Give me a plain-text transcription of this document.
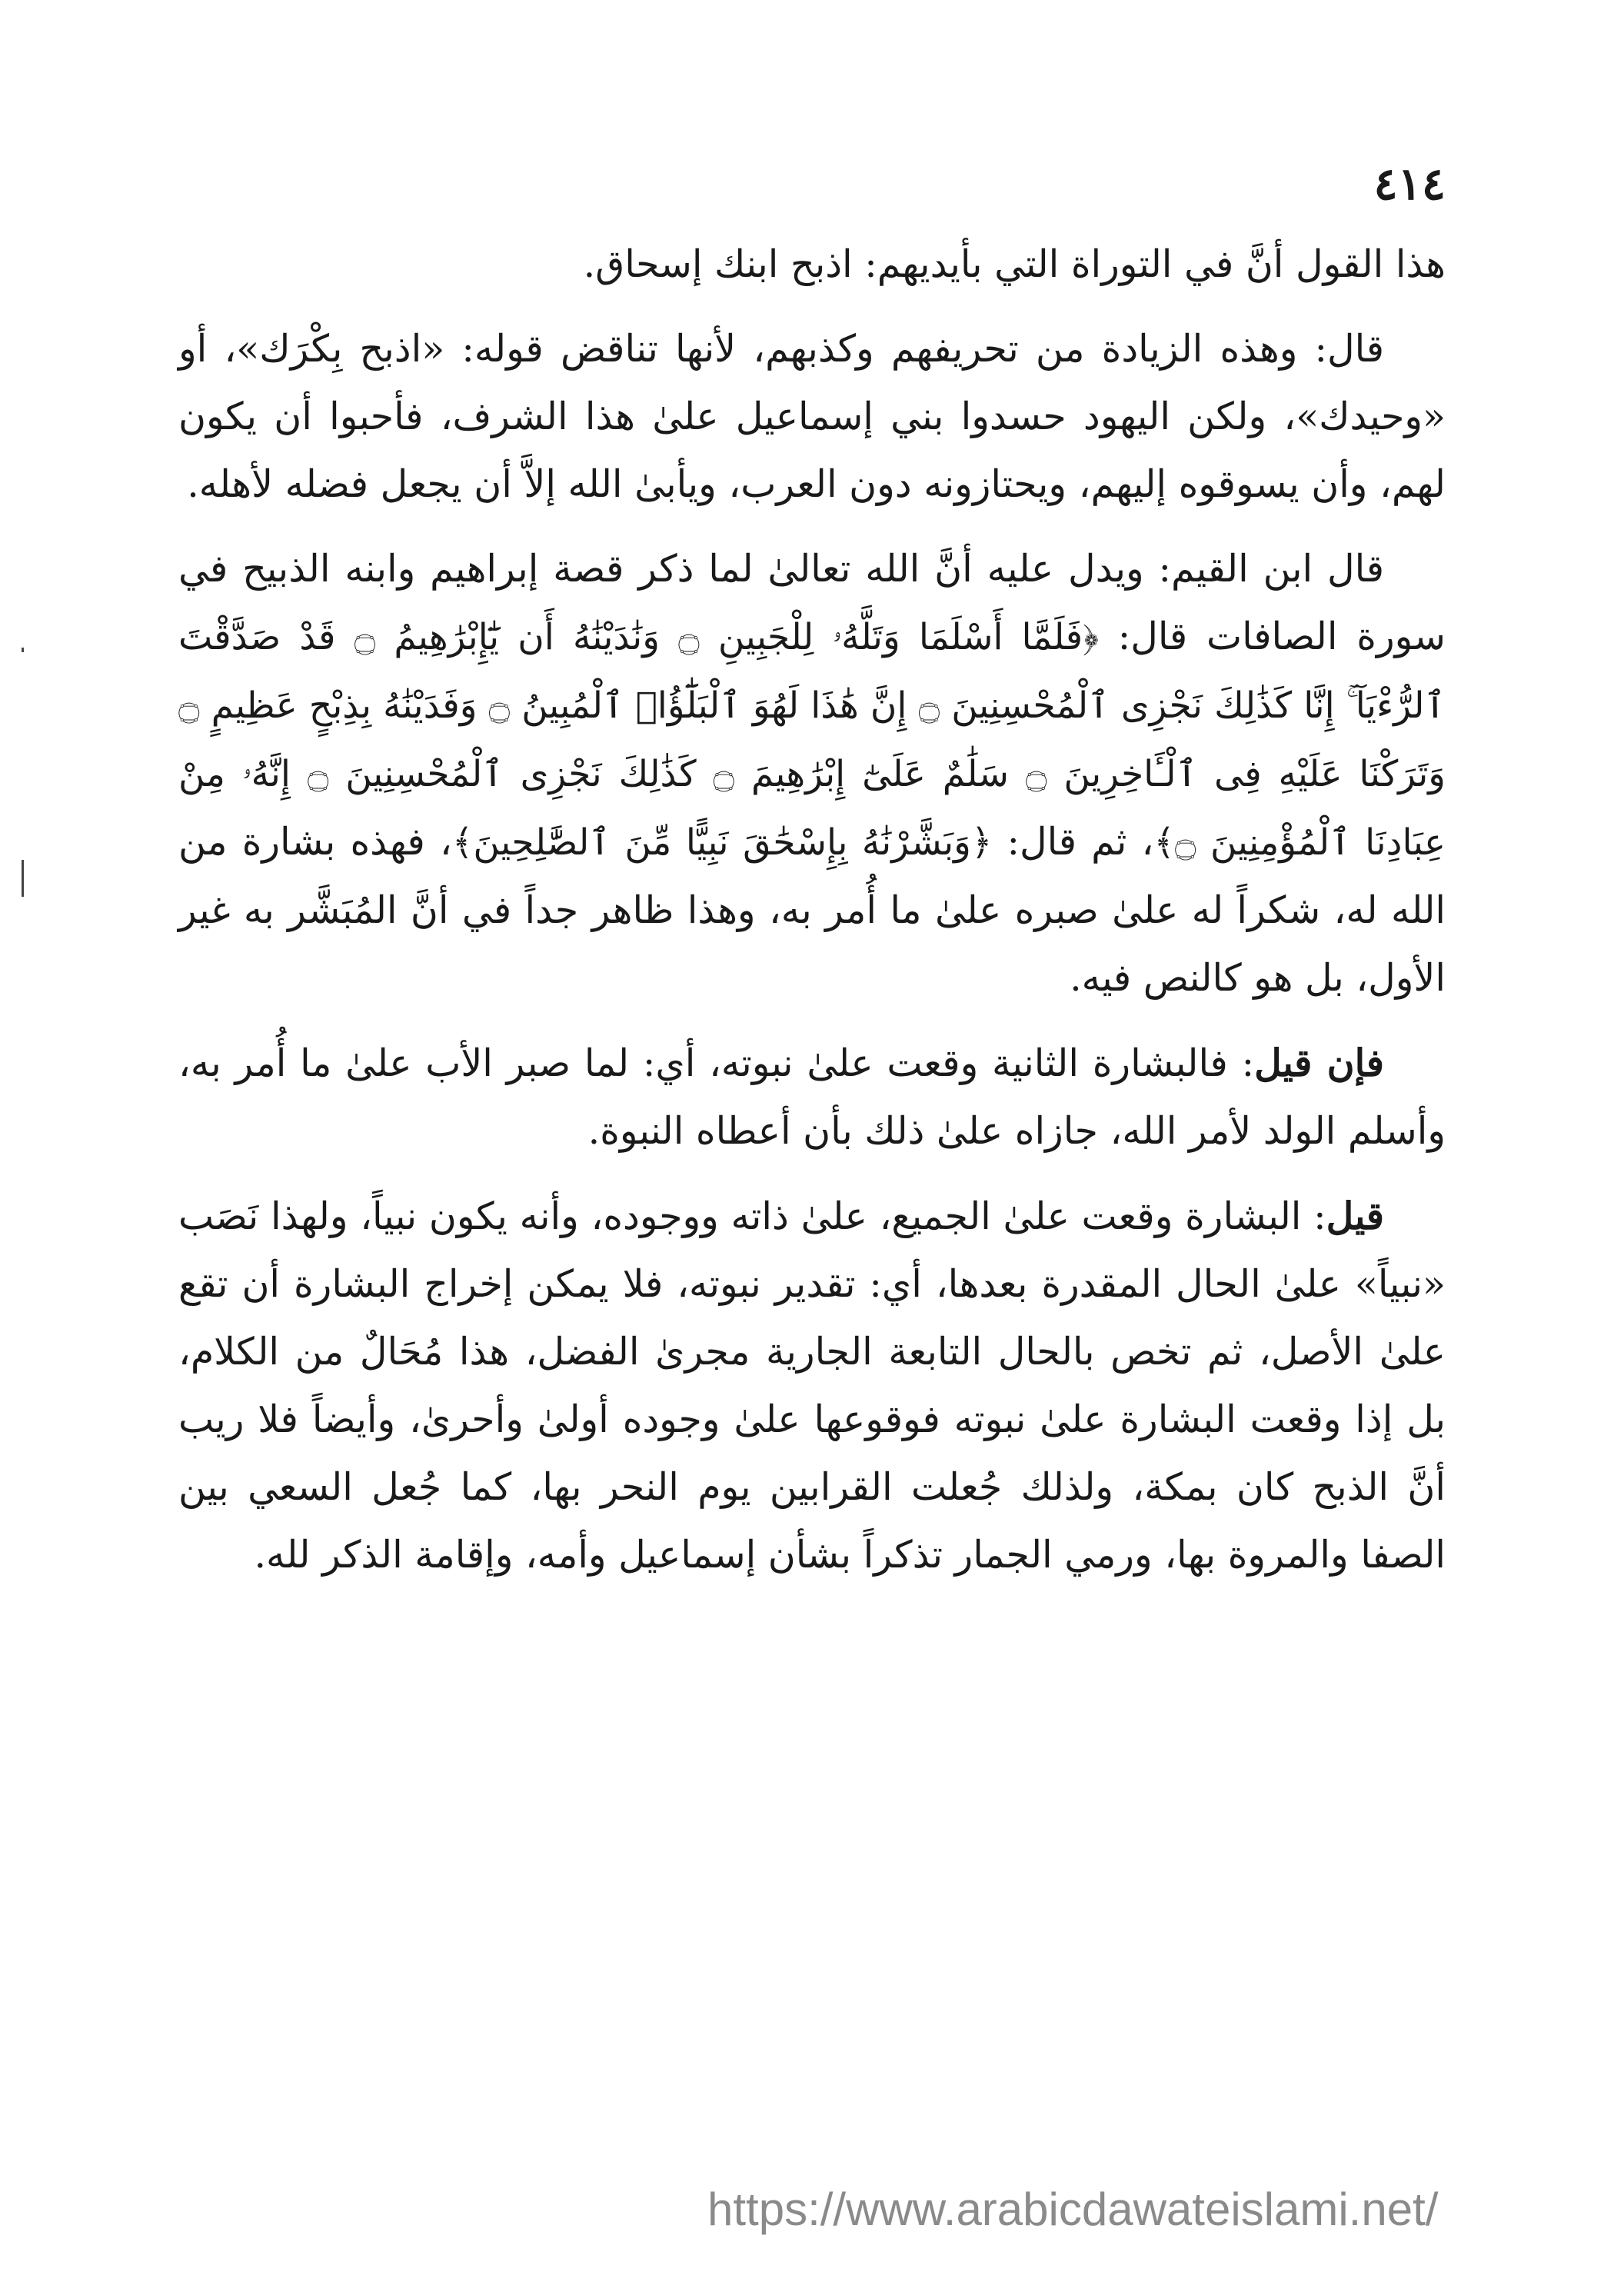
٤١٤

هذا القول أنَّ في التوراة التي بأيديهم: اذبح ابنك إسحاق.

قال: وهذه الزيادة من تحريفهم وكذبهم، لأنها تناقض قوله: «اذبح بِكْرَك»، أو «وحيدك»، ولكن اليهود حسدوا بني إسماعيل علىٰ هذا الشرف، فأحبوا أن يكون لهم، وأن يسوقوه إليهم، ويحتازونه دون العرب، ويأبىٰ الله إلاَّ أن يجعل فضله لأهله.

قال ابن القيم: ويدل عليه أنَّ الله تعالىٰ لما ذكر قصة إبراهيم وابنه الذبيح في سورة الصافات قال: ﴿فَلَمَّا أَسْلَمَا وَتَلَّهُۥ لِلْجَبِينِ ۝ وَنَٰدَيْنَٰهُ أَن يَٰٓإِبْرَٰهِيمُ ۝ قَدْ صَدَّقْتَ ٱلرُّءْيَآ ۚ إِنَّا كَذَٰلِكَ نَجْزِى ٱلْمُحْسِنِينَ ۝ إِنَّ هَٰذَا لَهُوَ ٱلْبَلَٰٓؤُا۟ ٱلْمُبِينُ ۝ وَفَدَيْنَٰهُ بِذِبْحٍ عَظِيمٍ ۝ وَتَرَكْنَا عَلَيْهِ فِى ٱلْـَٔاخِرِينَ ۝ سَلَٰمٌ عَلَىٰٓ إِبْرَٰهِيمَ ۝ كَذَٰلِكَ نَجْزِى ٱلْمُحْسِنِينَ ۝ إِنَّهُۥ مِنْ عِبَادِنَا ٱلْمُؤْمِنِينَ ۝﴾، ثم قال: ﴿وَبَشَّرْنَٰهُ بِإِسْحَٰقَ نَبِيًّا مِّنَ ٱلصَّٰلِحِينَ﴾، فهذه بشارة من الله له، شكراً له علىٰ صبره علىٰ ما أُمر به، وهذا ظاهر جداً في أنَّ المُبَشَّر به غير الأول، بل هو كالنص فيه.

فإن قيل: فالبشارة الثانية وقعت علىٰ نبوته، أي: لما صبر الأب علىٰ ما أُمر به، وأسلم الولد لأمر الله، جازاه علىٰ ذلك بأن أعطاه النبوة.

قيل: البشارة وقعت علىٰ الجميع، علىٰ ذاته ووجوده، وأنه يكون نبياً، ولهذا نَصَب «نبياً» علىٰ الحال المقدرة بعدها، أي: تقدير نبوته، فلا يمكن إخراج البشارة أن تقع علىٰ الأصل، ثم تخص بالحال التابعة الجارية مجرىٰ الفضل، هذا مُحَالٌ من الكلام، بل إذا وقعت البشارة علىٰ نبوته فوقوعها علىٰ وجوده أولىٰ وأحرىٰ، وأيضاً فلا ريب أنَّ الذبح كان بمكة، ولذلك جُعلت القرابين يوم النحر بها، كما جُعل السعي بين الصفا والمروة بها، ورمي الجمار تذكراً بشأن إسماعيل وأمه، وإقامة الذكر لله.

https://www.arabicdawateislami.net/
